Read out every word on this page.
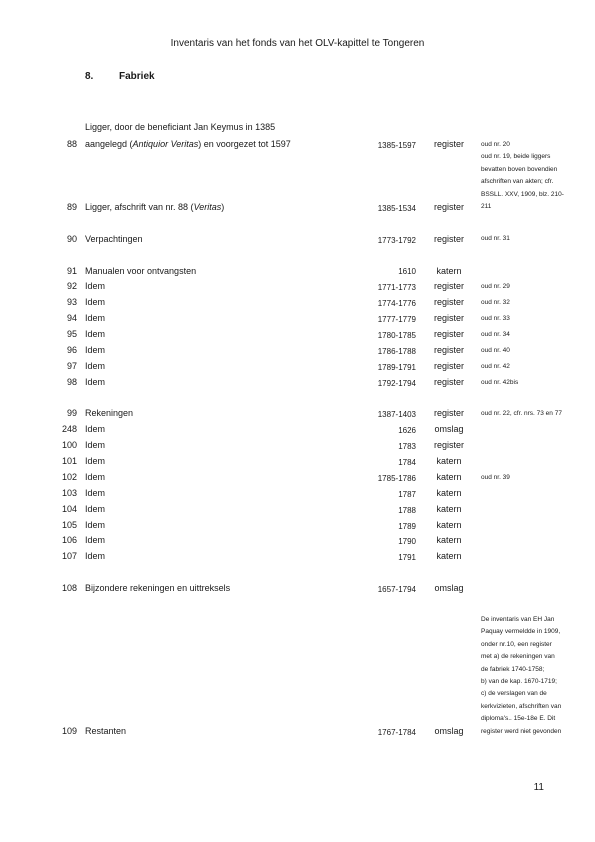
Inventaris van het fonds van het OLV-kapittel te Tongeren
8.	Fabriek
Ligger, door de beneficiant Jan Keymus in 1385
88 aangelegd (Antiquior Veritas) en voorgezet tot 1597	1385-1597	register	oud nr. 20
oud nr. 19, beide liggers
bevatten boven bovendien
afschriften van akten; cfr.
BSSLL. XXV, 1909, blz. 210-
211
89 Ligger, afschrift van nr. 88 (Veritas)	1385-1534	register
90 Verpachtingen	1773-1792	register	oud nr. 31
91 Manualen voor ontvangsten	1610	katern
92 Idem	1771-1773	register	oud nr. 29
93 Idem	1774-1776	register	oud nr. 32
94 Idem	1777-1779	register	oud nr. 33
95 Idem	1780-1785	register	oud nr. 34
96 Idem	1786-1788	register	oud nr. 40
97 Idem	1789-1791	register	oud nr. 42
98 Idem	1792-1794	register	oud nr. 42bis
99 Rekeningen	1387-1403	register	oud nr. 22, cfr. nrs. 73 en 77
248 Idem	1626	omslag
100 Idem	1783	register
101 Idem	1784	katern
102 Idem	1785-1786	katern	oud nr. 39
103 Idem	1787	katern
104 Idem	1788	katern
105 Idem	1789	katern
106 Idem	1790	katern
107 Idem	1791	katern
108 Bijzondere rekeningen en uittreksels	1657-1794	omslag
De inventaris van EH Jan
Paquay vermeldde in 1909,
onder nr.10, een register
met a) de rekeningen van
de fabriek 1740-1758;
b) van de kap. 1670-1719;
c) de verslagen van de
kerkvizieten, afschriften van
diploma's.. 15e-18e E. Dit
register werd niet gevonden
109 Restanten	1767-1784	omslag
11
